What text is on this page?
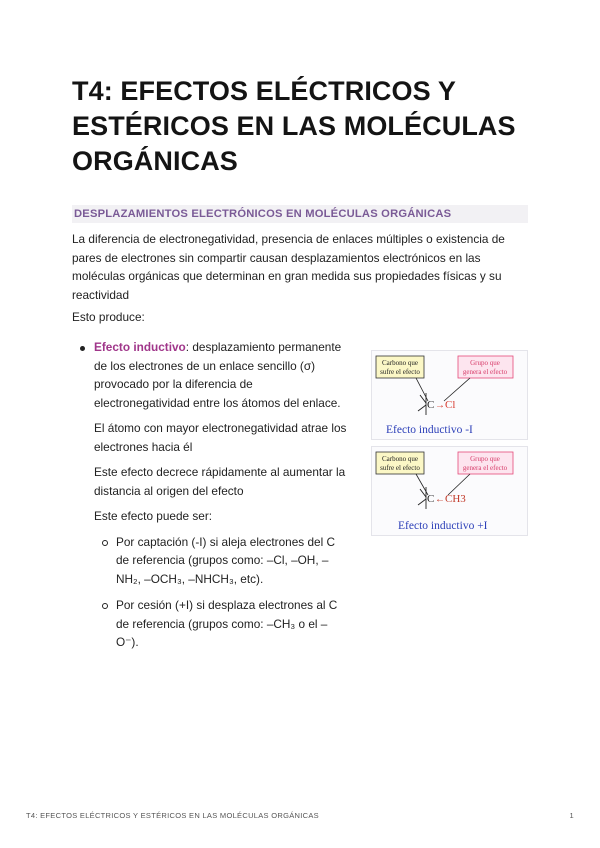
T4: EFECTOS ELÉCTRICOS Y ESTÉRICOS EN LAS MOLÉCULAS ORGÁNICAS
DESPLAZAMIENTOS ELECTRÓNICOS EN MOLÉCULAS ORGÁNICAS

La diferencia de electronegatividad, presencia de enlaces múltiples o existencia de pares de electrones sin compartir causan desplazamientos electrónicos en las moléculas orgánicas que determinan en gran medida sus propiedades físicas y su reactividad

Esto produce:

Efecto inductivo: desplazamiento permanente de los electrones de un enlace sencillo (σ) provocado por la diferencia de electronegatividad entre los átomos del enlace.

El átomo con mayor electronegatividad atrae los electrones hacia él

Este efecto decrece rápidamente al aumentar la distancia al origen del efecto

Este efecto puede ser:

Por captación (-I) si aleja electrones del C de referencia (grupos como: –Cl, –OH, –NH₂, –OCH₃, –NHCH₃, etc).
Por cesión (+I) si desplaza electrones al C de referencia (grupos como: –CH₃ o el –O⁻).
Carbono que
sufre el efecto
Grupo que
genera el efecto
C → Cl
Efecto inductivo -I
Carbono que
sufre el efecto
Grupo que
genera el efecto
C ← CH3
Efecto inductivo +I
T4: EFECTOS ELÉCTRICOS Y ESTÉRICOS EN LAS MOLÉCULAS ORGÁNICAS	1
